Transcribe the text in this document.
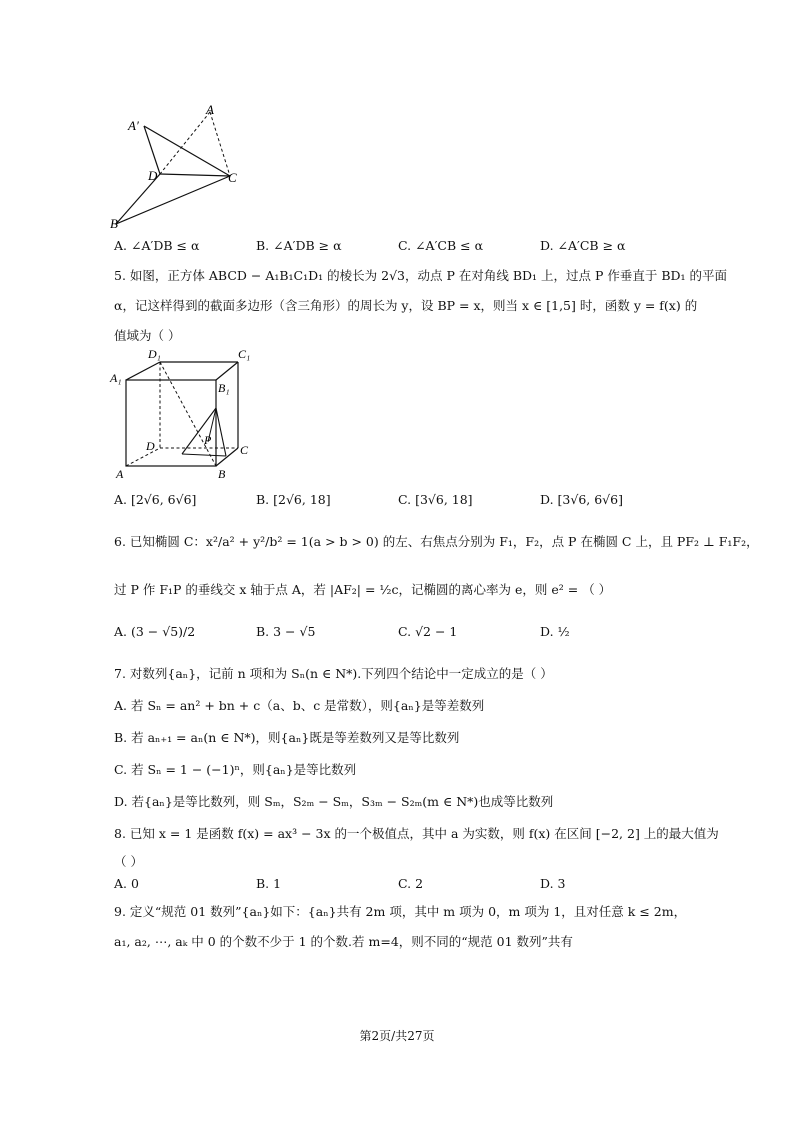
A′
A
D	C
B
A. ∠A′DB ≤ α	B. ∠A′DB ≥ α	C. ∠A′CB ≤ α	D. ∠A′CB ≥ α
5. 如图，正方体 ABCD − A₁B₁C₁D₁ 的棱长为 2√3，动点 P 在对角线 BD₁ 上，过点 P 作垂直于 BD₁ 的平面
α，记这样得到的截面多边形（含三角形）的周长为 y，设 BP = x，则当 x ∈ [1,5] 时，函数 y = f(x) 的
值域为（ ）
D₁	C₁
A₁
B₁
D	P
C
A	B
A. [2√6, 6√6]	B. [2√6, 18]	C. [3√6, 18]	D. [3√6, 6√6]
6. 已知椭圆 C：x²/a² + y²/b² = 1(a > b > 0) 的左、右焦点分别为 F₁，F₂，点 P 在椭圆 C 上，且 PF₂ ⊥ F₁F₂，
过 P 作 F₁P 的垂线交 x 轴于点 A，若 |AF₂| = ½c，记椭圆的离心率为 e，则 e² = （ ）
A. (3 − √5)/2	B. 3 − √5	C. √2 − 1	D. ½
7. 对数列{aₙ}，记前 n 项和为 Sₙ(n ∈ N*).下列四个结论中一定成立的是（ ）
A. 若 Sₙ = an² + bn + c（a、b、c 是常数），则{aₙ}是等差数列
B. 若 aₙ₊₁ = aₙ(n ∈ N*)，则{aₙ}既是等差数列又是等比数列
C. 若 Sₙ = 1 − (−1)ⁿ，则{aₙ}是等比数列
D. 若{aₙ}是等比数列，则 Sₘ，S₂ₘ − Sₘ，S₃ₘ − S₂ₘ(m ∈ N*)也成等比数列
8. 已知 x = 1 是函数 f(x) = ax³ − 3x 的一个极值点，其中 a 为实数，则 f(x) 在区间 [−2, 2] 上的最大值为
（ ）
A. 0	B. 1	C. 2	D. 3
9. 定义“规范 01 数列”{aₙ}如下：{aₙ}共有 2m 项，其中 m 项为 0，m 项为 1，且对任意 k ≤ 2m，
a₁, a₂, ⋯, aₖ 中 0 的个数不少于 1 的个数.若 m=4，则不同的“规范 01 数列”共有
第2页/共27页
